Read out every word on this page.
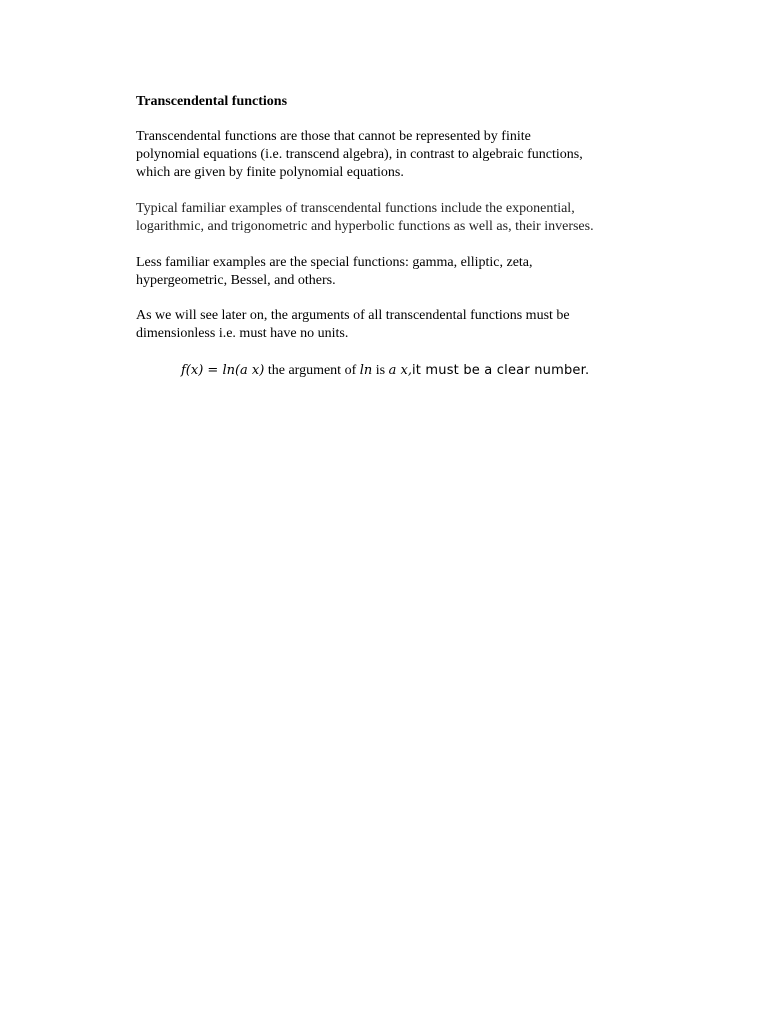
Transcendental functions

Transcendental functions are those that cannot be represented by finite
polynomial equations (i.e. transcend algebra), in contrast to algebraic functions,
which are given by finite polynomial equations.

Typical familiar examples of transcendental functions include the exponential,
logarithmic, and trigonometric and hyperbolic functions as well as, their inverses.

Less familiar examples are the special functions: gamma, elliptic, zeta,
hypergeometric, Bessel, and others.

As we will see later on, the arguments of all transcendental functions must be
dimensionless i.e. must have no units.

f(x) = ln(a x) the argument of ln is a x,it must be a clear number.
